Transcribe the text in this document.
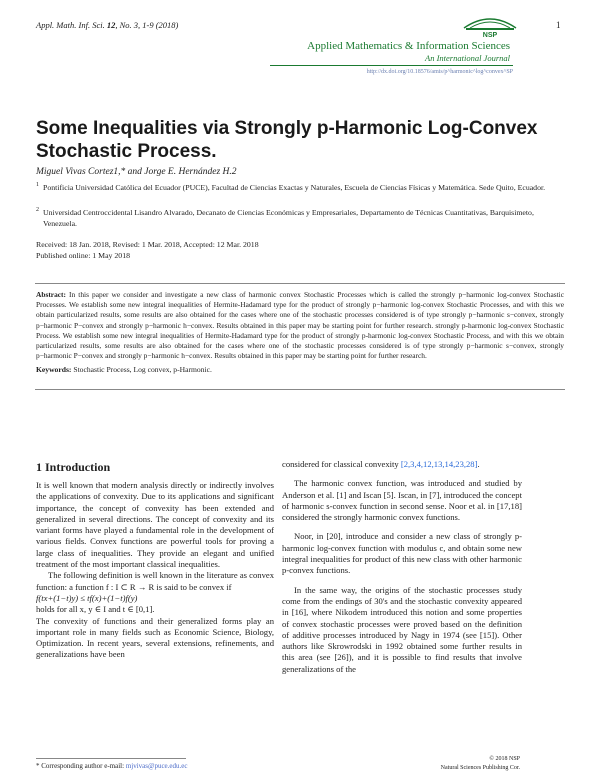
Appl. Math. Inf. Sci. 12, No. 3, 1-9 (2018)
NSP
1
Applied Mathematics & Information Sciences
An International Journal
http://dx.doi.org/10.18576/amis/p^harmonic^log^convex^SP
Some Inequalities via Strongly p-Harmonic Log-Convex Stochastic Process.
Miguel Vivas Cortez1,* and Jorge E. Hernández H.2
1 Pontificia Universidad Católica del Ecuador (PUCE), Facultad de Ciencias Exactas y Naturales, Escuela de Ciencias Físicas y Matemática. Sede Quito, Ecuador.
2 Universidad Centroccidental Lisandro Alvarado, Decanato de Ciencias Económicas y Empresariales, Departamento de Técnicas Cuantitativas, Barquisimeto, Venezuela.
Received: 18 Jan. 2018, Revised: 1 Mar. 2018, Accepted: 12 Mar. 2018
Published online: 1 May 2018
Abstract: In this paper we consider and investigate a new class of harmonic convex Stochastic Processes which is called the strongly p−harmonic log-convex Stochastic Processes. We establish some new integral inequalities of Hermite-Hadamard type for the product of strongly p−harmonic log-convex Stochastic Processes, and with this we obtain particularized results, some results are also obtained for the cases where one of the stochastic processes considered is of type strongly p−harmonic s−convex, strongly p−harmonic P−convex and strongly p−harmonic h−convex. Results obtained in this paper may be starting point for further research. strongly p-harmonic log-convex Stochastic Process. We establish some new integral inequalities of Hermite-Hadamard type for the product of strongly p-harmonic log-convex Stochastic Process, and with this we obtain particularized results, some results are also obtained for the cases where one of the stochastic processes considered is of type strongly p−harmonic s−convex, strongly p−harmonic P−convex and strongly p−harmonic h−convex. Results obtained in this paper may be starting point for further research.
Keywords: Stochastic Process, Log convex, p-Harmonic.
1 Introduction

It is well known that modern analysis directly or indirectly involves the applications of convexity. Due to its applications and significant importance, the concept of convexity has been extended and generalized in several directions. The concept of convexity and its variant forms have played a fundamental role in the development of various fields. Convex functions are powerful tools for proving a large class of inequalities. They provide an elegant and unified treatment of the most important classical inequalities.

The following definition is well known in the literature as convex function: a function f : I ⊂ R → R is said to be convex if

f(tx+(1−t)y) ≤ tf(x)+(1−t)f(y)

holds for all x, y ∈ I and t ∈ [0,1].

The convexity of functions and their generalized forms play an important role in many fields such as Economic Science, Biology, Optimization. In recent years, several extensions, refinements, and generalizations have been

considered for classical convexity [2,3,4,12,13,14,23,28].

The harmonic convex function, was introduced and studied by Anderson et al. [1] and Iscan [5]. Iscan, in [7], introduced the concept of harmonic s-convex function in second sense. Noor et al. in [17,18] considered the strongly harmonic convex functions.

Noor, in [20], introduce and consider a new class of strongly p-harmonic log-convex function with modulus c, and obtain some new integral inequalities for product of this new class with other harmonic p-convex functions.

In the same way, the origins of the stochastic processes study come from the endings of 30's and the stochastic convexity appeared in [16], where Nikodem introduced this notion and some properties of convex stochastic processes were proved based on the definition of additive processes introduced by Nagy in 1974 (see [15]). Other authors like Skrowrodski in 1992 obtained some further results in this area (see [26]), and it is possible to find results that involve generalizations of the

* Corresponding author e-mail: mjvivas@puce.edu.ec
© 2018 NSP
Natural Sciences Publishing Cor.
